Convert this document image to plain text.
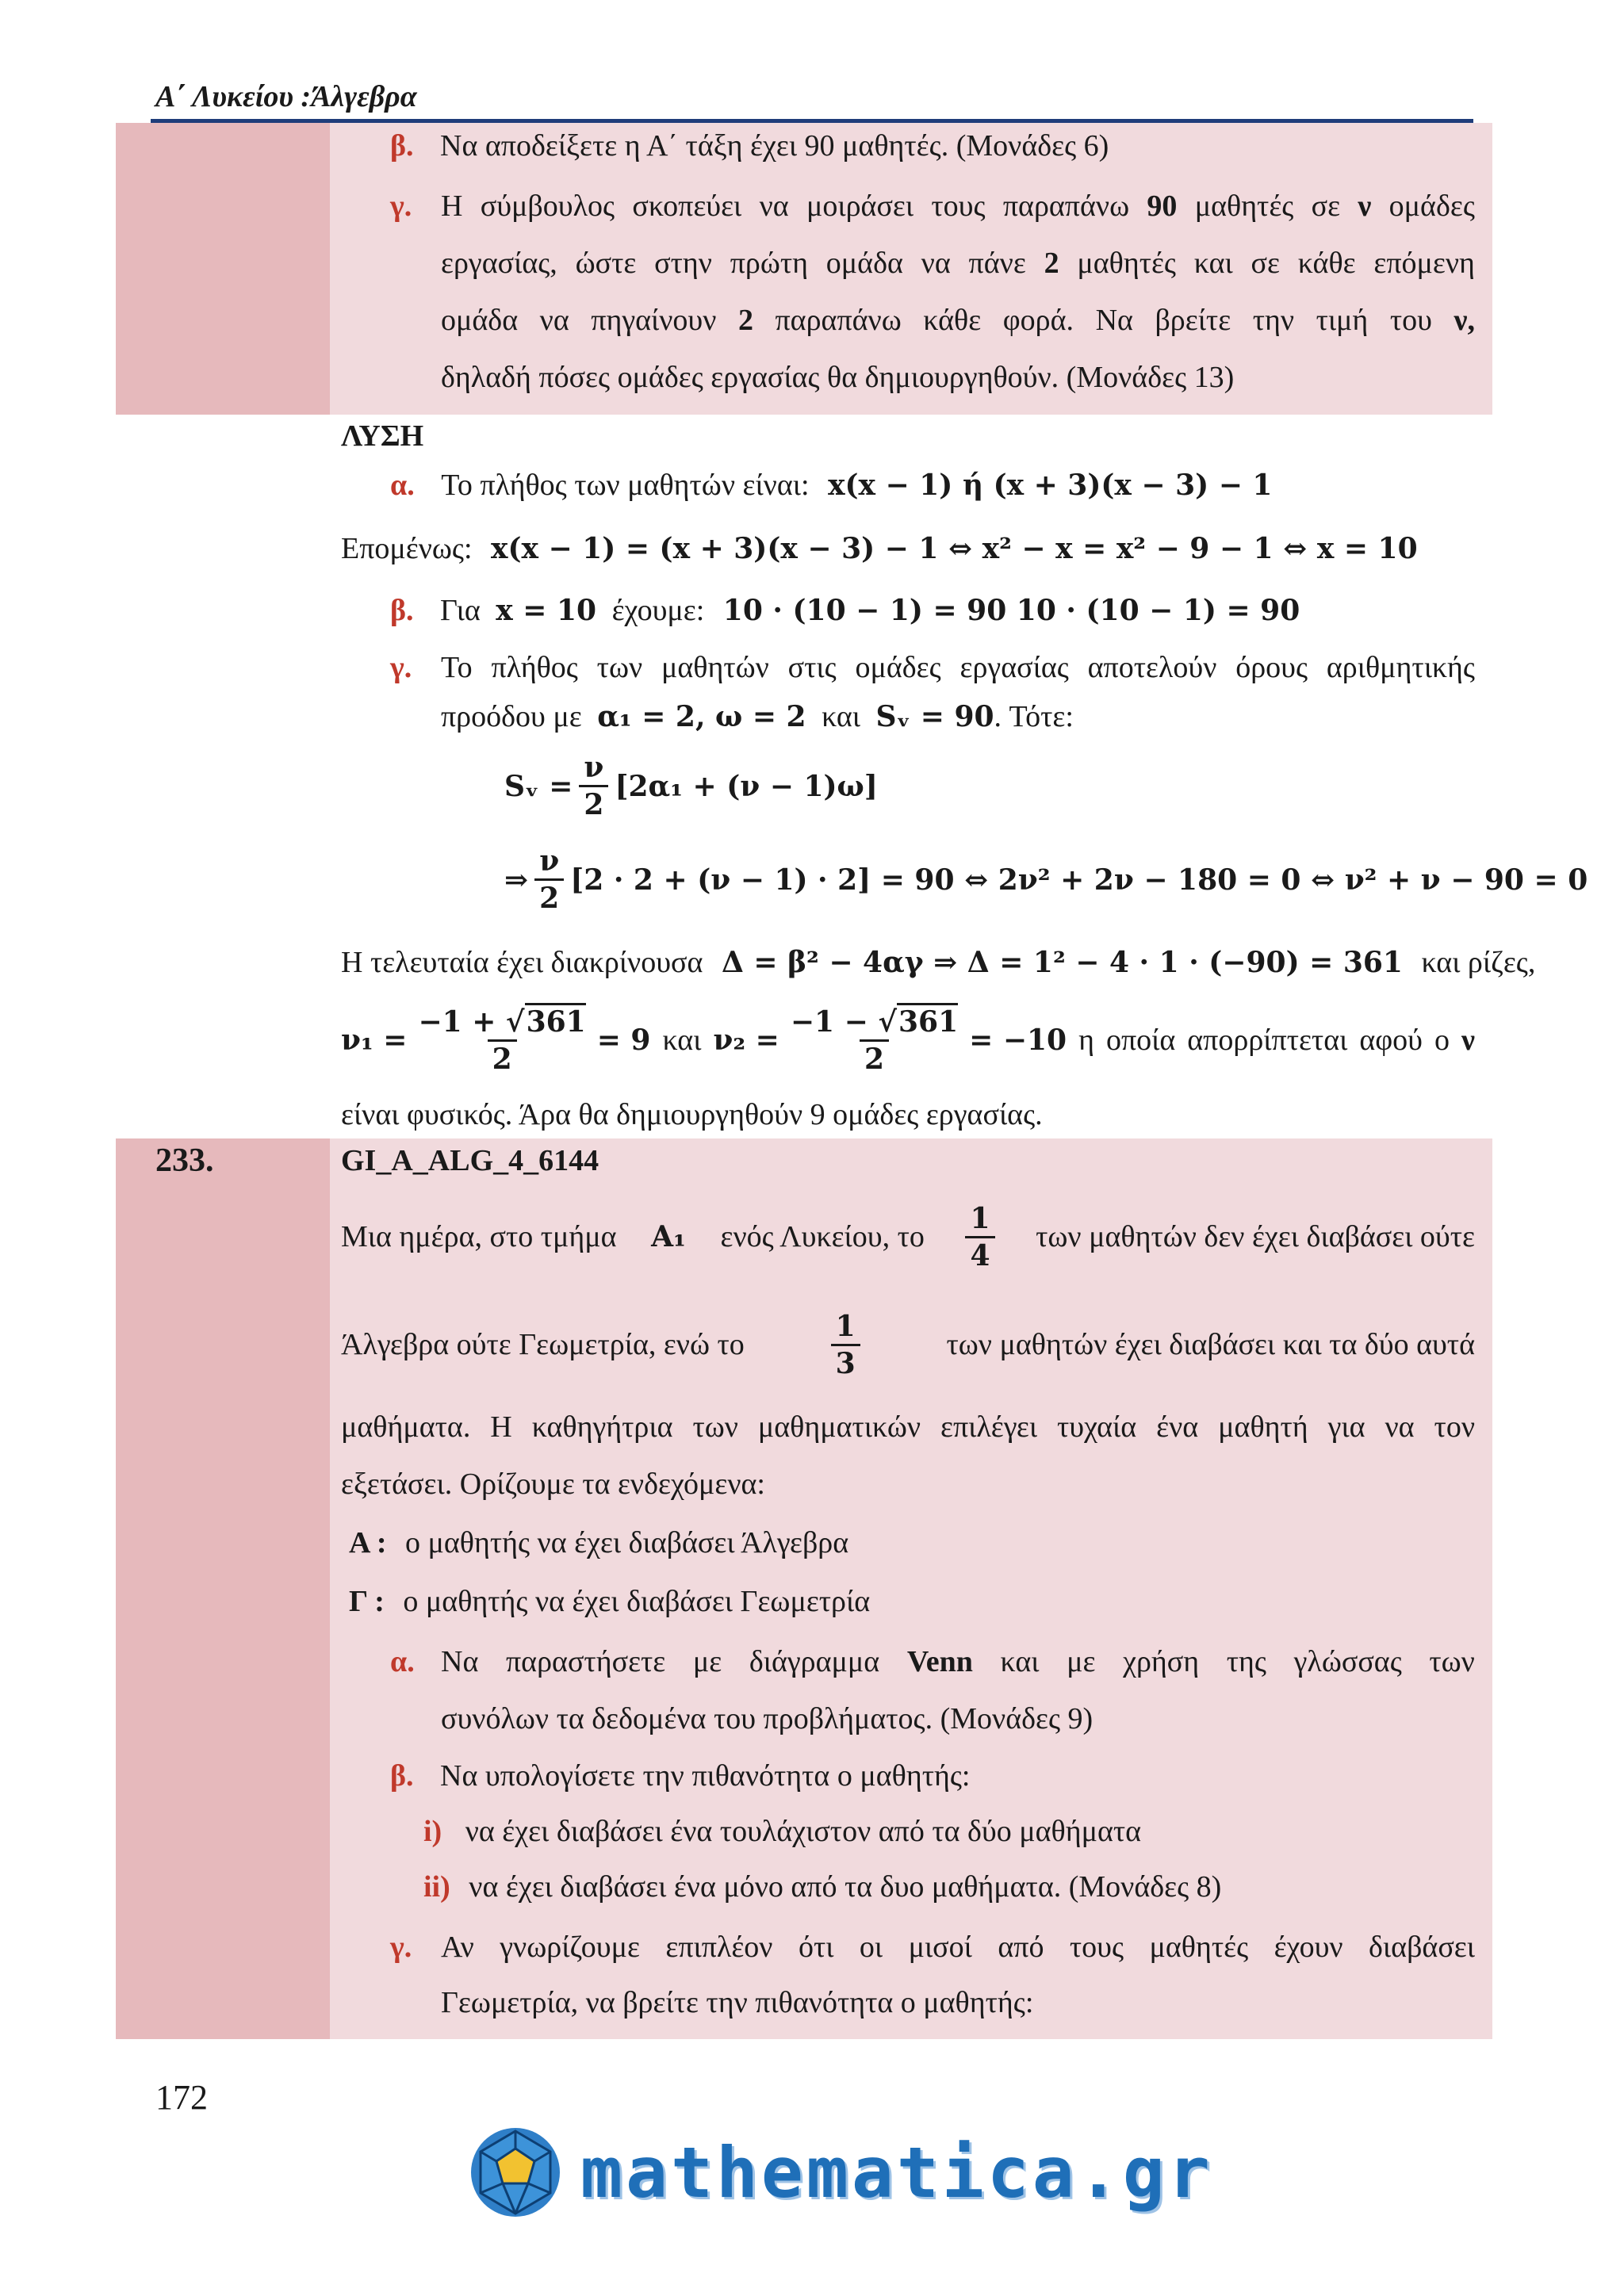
Α΄ Λυκείου :Άλγεβρα
β. Να αποδείξετε η Α΄ τάξη έχει 90 μαθητές. (Μονάδες 6)
γ. Η σύμβουλος σκοπεύει να μοιράσει τους παραπάνω 90 μαθητές σε ν ομάδες
εργασίας, ώστε στην πρώτη ομάδα να πάνε 2 μαθητές και σε κάθε επόμενη
ομάδα να πηγαίνουν 2 παραπάνω κάθε φορά. Να βρείτε την τιμή του ν,
δηλαδή πόσες ομάδες εργασίας θα δημιουργηθούν. (Μονάδες 13)
ΛΥΣΗ
α. Το πλήθος των μαθητών είναι: x(x − 1) ή (x + 3)(x − 3) − 1
Επομένως: x(x − 1) = (x + 3)(x − 3) − 1 ⇔ x² − x = x² − 9 − 1 ⇔ x = 10
β. Για x = 10 έχουμε: 10 · (10 − 1) = 90 10 · (10 − 1) = 90
γ. Το πλήθος των μαθητών στις ομάδες εργασίας αποτελούν όρους αριθμητικής
προόδου με α₁ = 2, ω = 2 και Sᵥ = 90. Τότε:
Sᵥ = $\frac{\nu}{2} [2\alpha_1 + (\nu - 1)\omega]$
⇒ $\frac{\nu}{2} [2 \cdot 2 + (\nu - 1) \cdot 2] = 90$ ⇔ 2ν² + 2ν − 180 = 0 ⇔ ν² + ν − 90 = 0
Η τελευταία έχει διακρίνουσα Δ = β² − 4αγ ⇒ Δ = 1² − 4 · 1 · (−90) = 361 και ρίζες,
$\nu_1 = \frac{-1 + √361}{2} = 9$ και $\nu_2 = \frac{-1 - √361}{2} = -10$ η οποία απορρίπτεται αφού ο ν
είναι φυσικός. Άρα θα δημιουργηθούν 9 ομάδες εργασίας.
233.	GI_A_ALG_4_6144
Μια ημέρα, στο τμήμα Α₁ ενός Λυκείου, το $\frac{1}{4}$ των μαθητών δεν έχει διαβάσει ούτε
Άλγεβρα ούτε Γεωμετρία, ενώ το	$\frac{1}{3}$	των μαθητών έχει διαβάσει και τα δύο αυτά
μαθήματα. Η καθηγήτρια των μαθηματικών επιλέγει τυχαία ένα μαθητή για να τον
εξετάσει. Ορίζουμε τα ενδεχόμενα:
Α : ο μαθητής να έχει διαβάσει Άλγεβρα
Γ : ο μαθητής να έχει διαβάσει Γεωμετρία
α. Να παραστήσετε με διάγραμμα Venn και με χρήση της γλώσσας των
συνόλων τα δεδομένα του προβλήματος. (Μονάδες 9)
β. Να υπολογίσετε την πιθανότητα ο μαθητής:
i) να έχει διαβάσει ένα τουλάχιστον από τα δύο μαθήματα
ii) να έχει διαβάσει ένα μόνο από τα δυο μαθήματα. (Μονάδες 8)
γ. Αν γνωρίζουμε επιπλέον ότι οι μισοί από τους μαθητές έχουν διαβάσει
Γεωμετρία, να βρείτε την πιθανότητα ο μαθητής:
172
mathematica.gr
